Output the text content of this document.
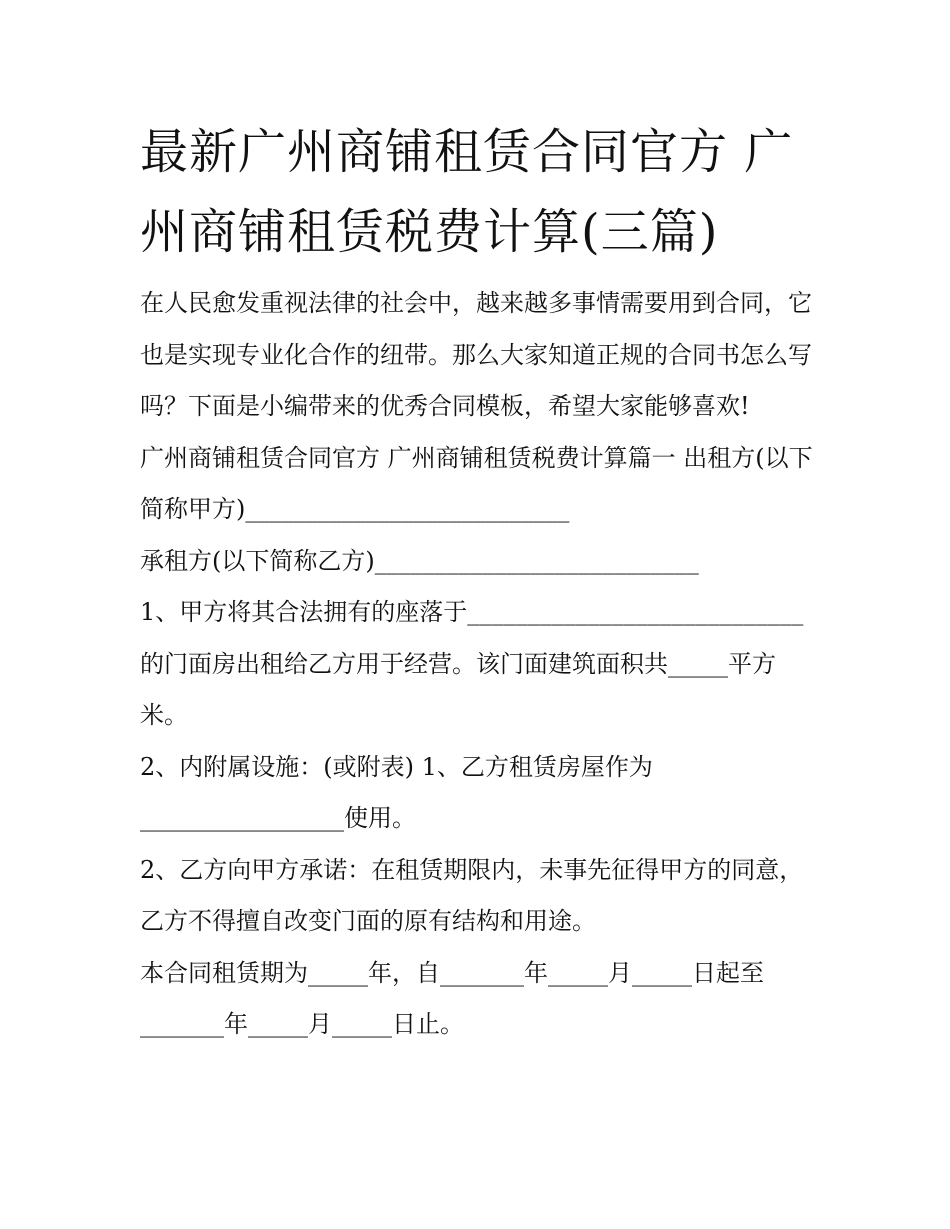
最新广州商铺租赁合同官方 广州商铺租赁税费计算(三篇)

在人民愈发重视法律的社会中，越来越多事情需要用到合同，它也是实现专业化合作的纽带。那么大家知道正规的合同书怎么写吗？下面是小编带来的优秀合同模板，希望大家能够喜欢!

广州商铺租赁合同官方 广州商铺租赁税费计算篇一 出租方(以下简称甲方)___________________________

承租方(以下简称乙方)___________________________

1、甲方将其合法拥有的座落于____________________________的门面房出租给乙方用于经营。该门面建筑面积共_____平方米。

2、内附属设施：(或附表) 1、乙方租赁房屋作为_________________使用。

2、乙方向甲方承诺：在租赁期限内，未事先征得甲方的同意，乙方不得擅自改变门面的原有结构和用途。

本合同租赁期为_____年，自_______年_____月_____日起至_______年_____月_____日止。
